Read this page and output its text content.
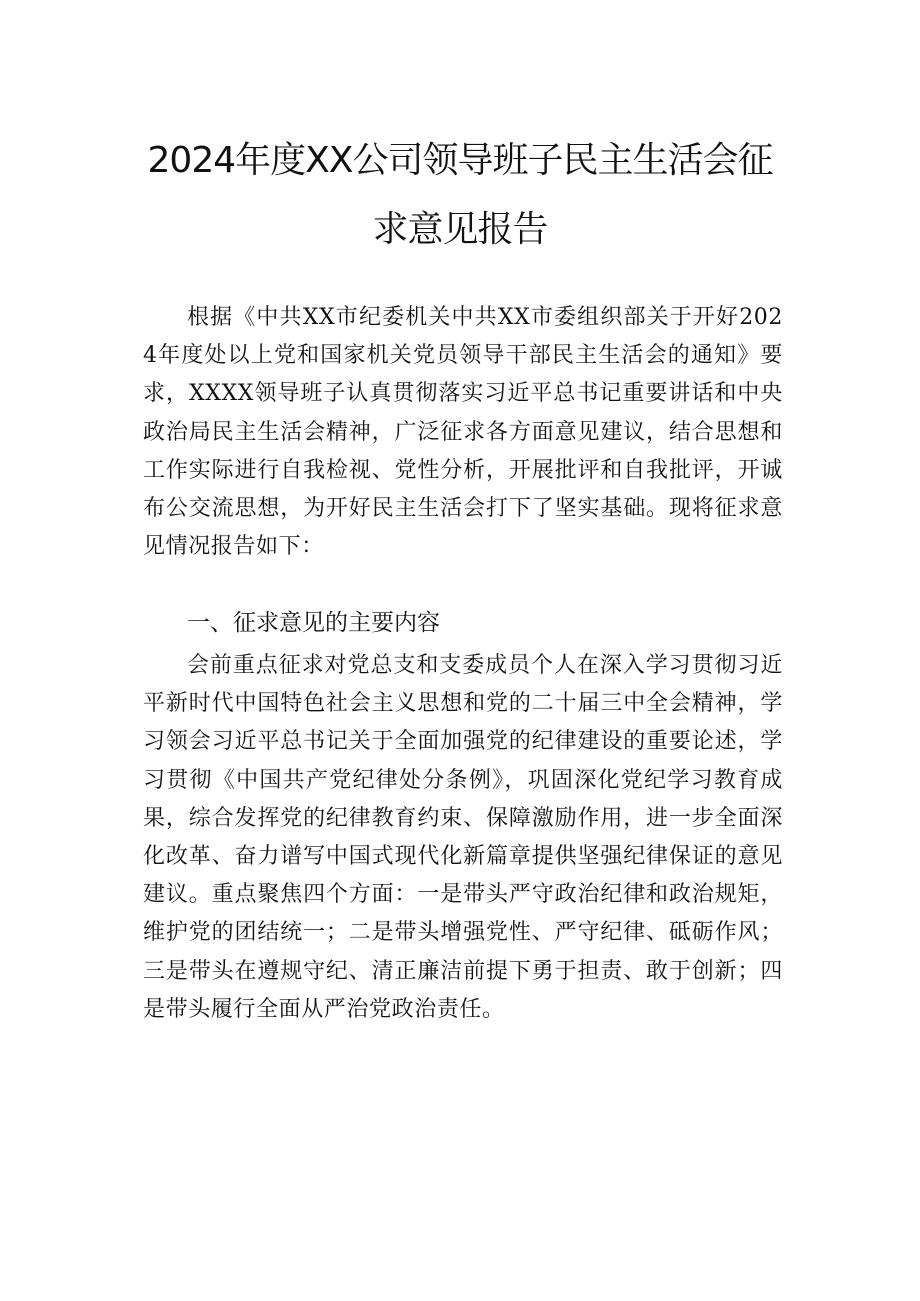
2024年度XX公司领导班子民主生活会征
求意见报告

根据《中共XX市纪委机关中共XX市委组织部关于开好2024年度处以上党和国家机关党员领导干部民主生活会的通知》要求，XXXX领导班子认真贯彻落实习近平总书记重要讲话和中央政治局民主生活会精神，广泛征求各方面意见建议，结合思想和工作实际进行自我检视、党性分析，开展批评和自我批评，开诚布公交流思想，为开好民主生活会打下了坚实基础。现将征求意见情况报告如下：

一、征求意见的主要内容

会前重点征求对党总支和支委成员个人在深入学习贯彻习近平新时代中国特色社会主义思想和党的二十届三中全会精神，学习领会习近平总书记关于全面加强党的纪律建设的重要论述，学习贯彻《中国共产党纪律处分条例》，巩固深化党纪学习教育成果，综合发挥党的纪律教育约束、保障激励作用，进一步全面深化改革、奋力谱写中国式现代化新篇章提供坚强纪律保证的意见建议。重点聚焦四个方面：一是带头严守政治纪律和政治规矩，维护党的团结统一；二是带头增强党性、严守纪律、砥砺作风；三是带头在遵规守纪、清正廉洁前提下勇于担责、敢于创新；四是带头履行全面从严治党政治责任。
